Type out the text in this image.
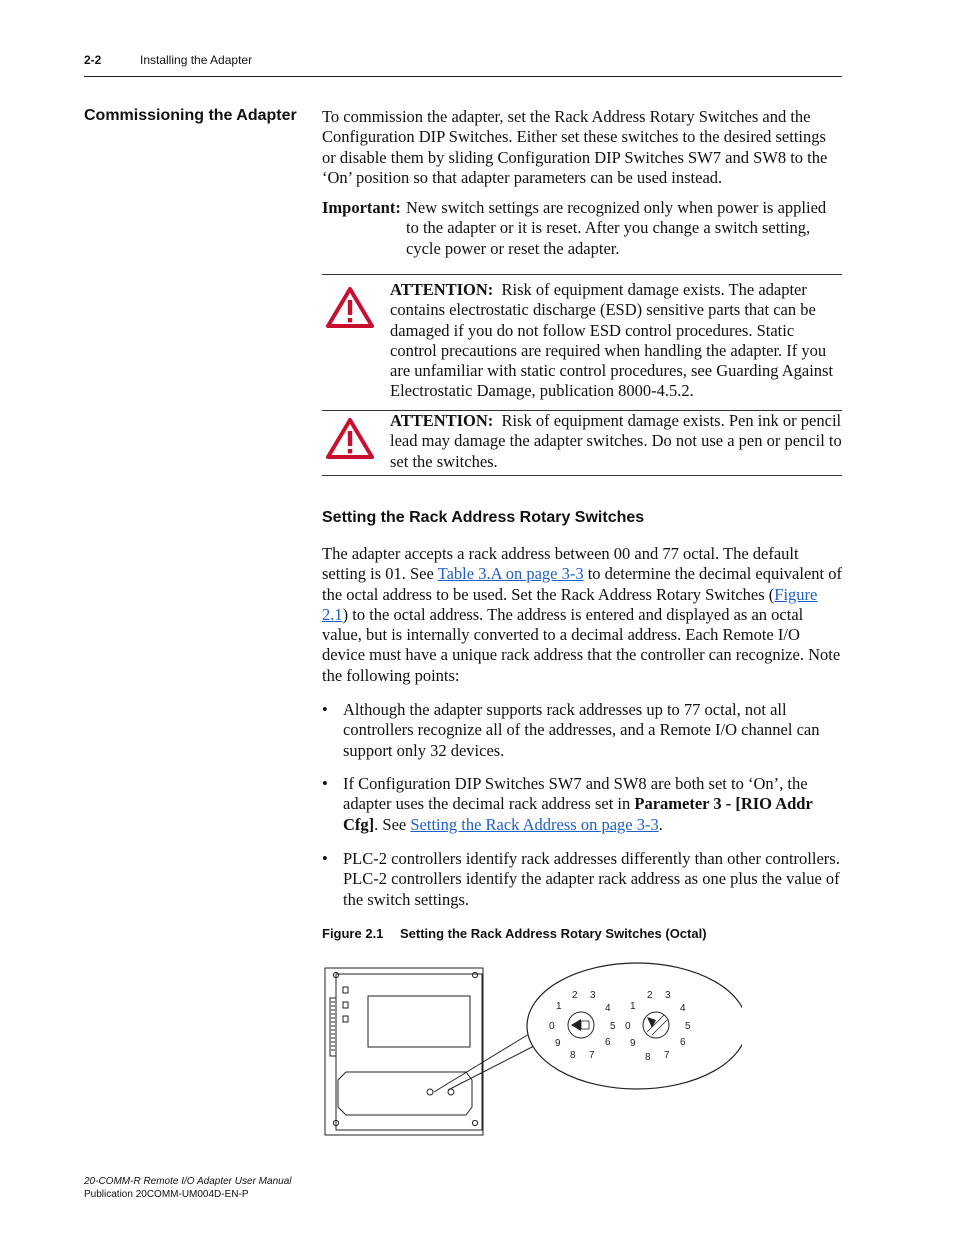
2-2	Installing the Adapter
Commissioning the Adapter To commission the adapter, set the Rack Address Rotary Switches and the Configuration DIP Switches. Either set these switches to the desired settings or disable them by sliding Configuration DIP Switches SW7 and SW8 to the ‘On’ position so that adapter parameters can be used instead.
Important: New switch settings are recognized only when power is applied to the adapter or it is reset. After you change a switch setting, cycle power or reset the adapter.
ATTENTION: Risk of equipment damage exists. The adapter contains electrostatic discharge (ESD) sensitive parts that can be damaged if you do not follow ESD control procedures. Static control precautions are required when handling the adapter. If you are unfamiliar with static control procedures, see Guarding Against Electrostatic Damage, publication 8000-4.5.2.
ATTENTION: Risk of equipment damage exists. Pen ink or pencil lead may damage the adapter switches. Do not use a pen or pencil to set the switches.
Setting the Rack Address Rotary Switches
The adapter accepts a rack address between 00 and 77 octal. The default setting is 01. See Table 3.A on page 3-3 to determine the decimal equivalent of the octal address to be used. Set the Rack Address Rotary Switches (Figure 2.1) to the octal address. The address is entered and displayed as an octal value, but is internally converted to a decimal address. Each Remote I/O device must have a unique rack address that the controller can recognize. Note the following points:
• Although the adapter supports rack addresses up to 77 octal, not all controllers recognize all of the addresses, and a Remote I/O channel can support only 32 devices.
• If Configuration DIP Switches SW7 and SW8 are both set to ‘On’, the adapter uses the decimal rack address set in Parameter 3 - [RIO Addr Cfg]. See Setting the Rack Address on page 3-3.
• PLC-2 controllers identify rack addresses differently than other controllers. PLC-2 controllers identify the adapter rack address as one plus the value of the switch settings.
Figure 2.1 Setting the Rack Address Rotary Switches (Octal)
0
1
2 3
4
5
6
7
8
9
0
1
2 3
4
5
6
7
8
9
20-COMM-R Remote I/O Adapter User Manual
Publication 20COMM-UM004D-EN-P
